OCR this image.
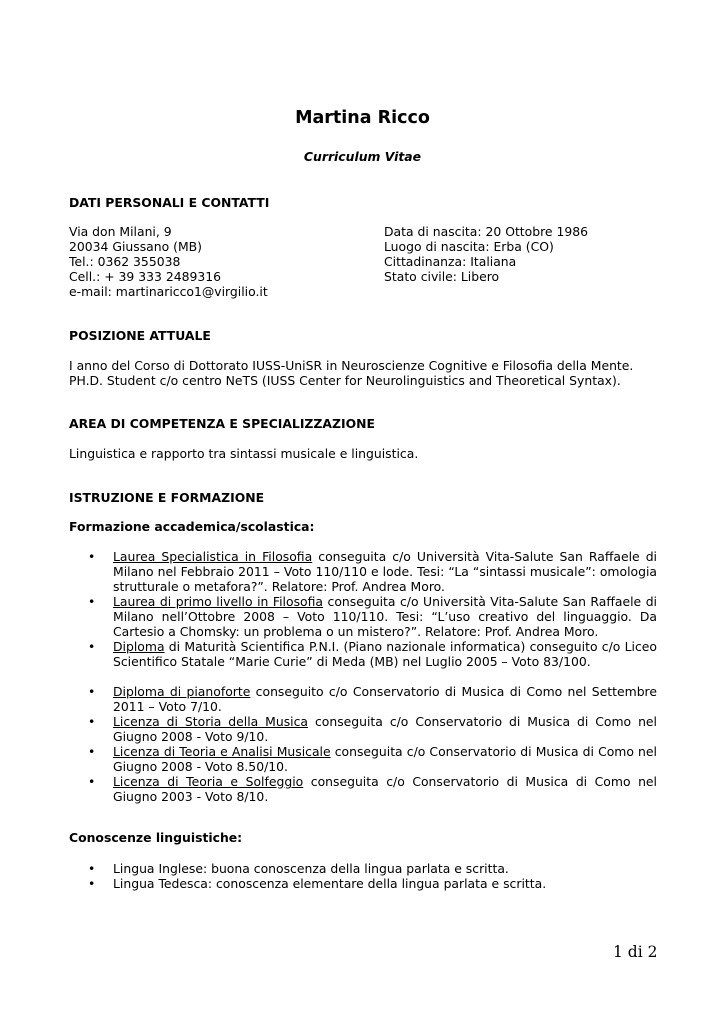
Martina Ricco
Curriculum Vitae
DATI PERSONALI E CONTATTI
Via don Milani, 9
20034 Giussano (MB)
Tel.: 0362 355038
Cell.: + 39 333 2489316
e-mail: martinaricco1@virgilio.it
Data di nascita: 20 Ottobre 1986
Luogo di nascita: Erba (CO)
Cittadinanza: Italiana
Stato civile: Libero
POSIZIONE ATTUALE
I anno del Corso di Dottorato IUSS-UniSR in Neuroscienze Cognitive e Filosofia della Mente.
PH.D. Student c/o centro NeTS (IUSS Center for Neurolinguistics and Theoretical Syntax).
AREA DI COMPETENZA E SPECIALIZZAZIONE
Linguistica e rapporto tra sintassi musicale e linguistica.
ISTRUZIONE E FORMAZIONE
Formazione accademica/scolastica:
• Laurea Specialistica in Filosofia conseguita c/o Università Vita-Salute San Raffaele di Milano nel Febbraio 2011 – Voto 110/110 e lode. Tesi: “La “sintassi musicale”: omologia strutturale o metafora?”. Relatore: Prof. Andrea Moro.
• Laurea di primo livello in Filosofia conseguita c/o Università Vita-Salute San Raffaele di Milano nell’Ottobre 2008 – Voto 110/110. Tesi: “L’uso creativo del linguaggio. Da Cartesio a Chomsky: un problema o un mistero?”. Relatore: Prof. Andrea Moro.
• Diploma di Maturità Scientifica P.N.I. (Piano nazionale informatica) conseguito c/o Liceo Scientifico Statale “Marie Curie” di Meda (MB) nel Luglio 2005 – Voto 83/100.
• Diploma di pianoforte conseguito c/o Conservatorio di Musica di Como nel Settembre 2011 – Voto 7/10.
• Licenza di Storia della Musica conseguita c/o Conservatorio di Musica di Como nel Giugno 2008 - Voto 9/10.
• Licenza di Teoria e Analisi Musicale conseguita c/o Conservatorio di Musica di Como nel Giugno 2008 - Voto 8.50/10.
• Licenza di Teoria e Solfeggio conseguita c/o Conservatorio di Musica di Como nel Giugno 2003 - Voto 8/10.
Conoscenze linguistiche:
• Lingua Inglese: buona conoscenza della lingua parlata e scritta.
• Lingua Tedesca: conoscenza elementare della lingua parlata e scritta.
1 di 2
